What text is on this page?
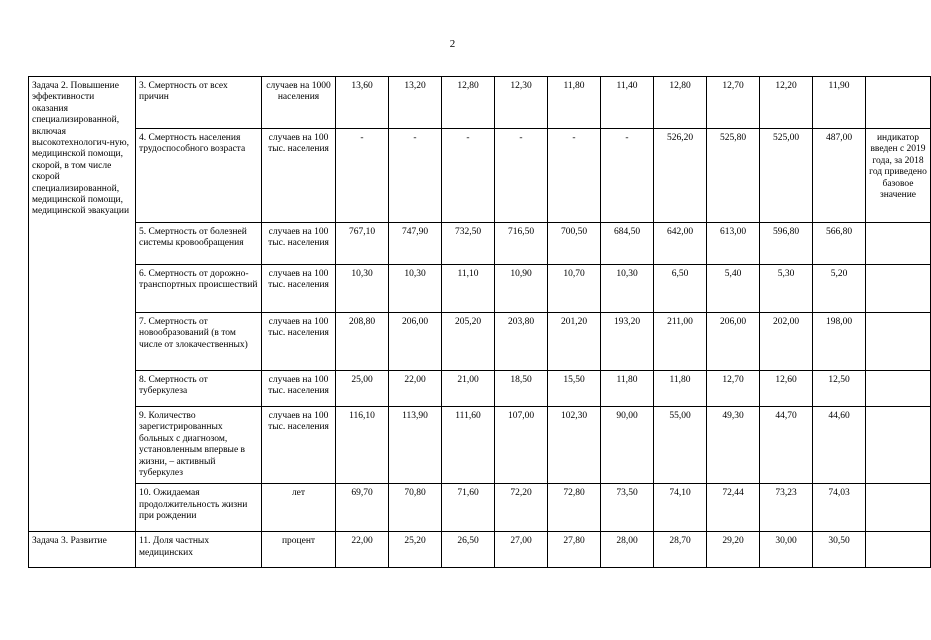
2
Задача 2. Повышение эффективности оказания специализированной, включая высокотехнологич-ную, медицинской помощи, скорой, в том числе скорой специализированной, медицинской помощи, медицинской эвакуации	3. Смертность от всех причин	случаев на 1000 населения	13,60	13,20	12,80	12,30	11,80	11,40	12,80	12,70	12,20	11,90	
	4. Смертность населения трудоспособного возраста	случаев на 100 тыс. населения	-	-	-	-	-	-	526,20	525,80	525,00	487,00	индикатор введен с 2019 года, за 2018 год приведено базовое значение
	5. Смертность от болезней системы кровообращения	случаев на 100 тыс. населения	767,10	747,90	732,50	716,50	700,50	684,50	642,00	613,00	596,80	566,80	
	6. Смертность от дорожно-транспортных происшествий	случаев на 100 тыс. населения	10,30	10,30	11,10	10,90	10,70	10,30	6,50	5,40	5,30	5,20	
	7. Смертность от новообразований (в том числе от злокачественных)	случаев на 100 тыс. населения	208,80	206,00	205,20	203,80	201,20	193,20	211,00	206,00	202,00	198,00	
	8. Смертность от туберкулеза	случаев на 100 тыс. населения	25,00	22,00	21,00	18,50	15,50	11,80	11,80	12,70	12,60	12,50	
	9. Количество зарегистрированных больных с диагнозом, установленным впервые в жизни, – активный туберкулез	случаев на 100 тыс. населения	116,10	113,90	111,60	107,00	102,30	90,00	55,00	49,30	44,70	44,60	
	10. Ожидаемая продолжительность жизни при рождении	лет	69,70	70,80	71,60	72,20	72,80	73,50	74,10	72,44	73,23	74,03	
Задача 3. Развитие	11. Доля частных медицинских	процент	22,00	25,20	26,50	27,00	27,80	28,00	28,70	29,20	30,00	30,50	
